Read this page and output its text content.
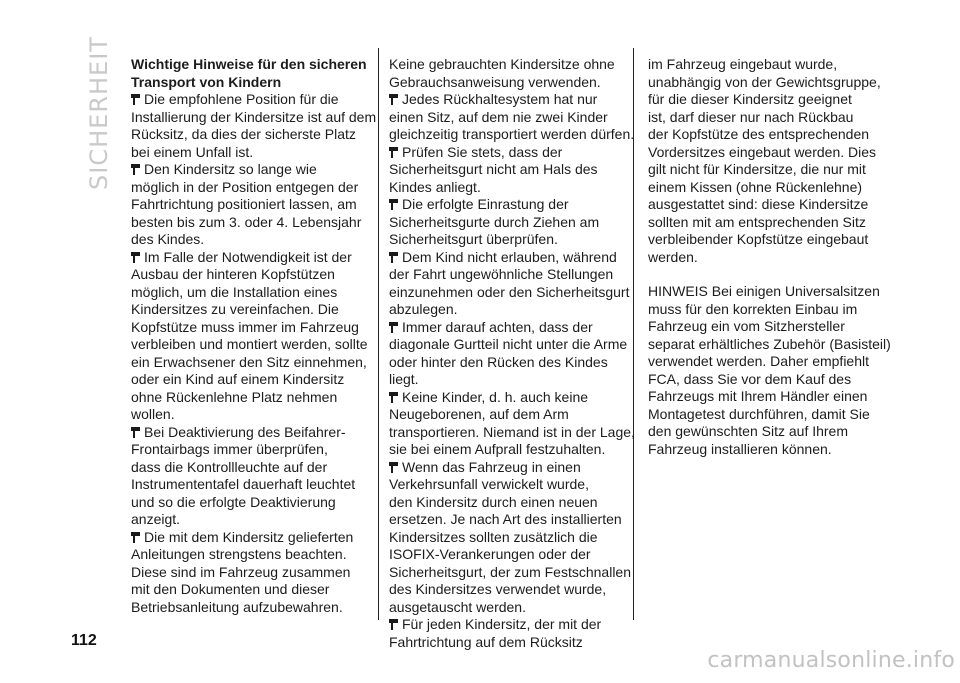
SICHERHEIT Wichtige Hinweise für den sicheren
Transport von Kindern
Die empfohlene Position für die
Installierung der Kindersitze ist auf dem
Rücksitz, da dies der sicherste Platz
bei einem Unfall ist.
Den Kindersitz so lange wie
möglich in der Position entgegen der
Fahrtrichtung positioniert lassen, am
besten bis zum 3. oder 4. Lebensjahr
des Kindes.
Im Falle der Notwendigkeit ist der
Ausbau der hinteren Kopfstützen
möglich, um die Installation eines
Kindersitzes zu vereinfachen. Die
Kopfstütze muss immer im Fahrzeug
verbleiben und montiert werden, sollte
ein Erwachsener den Sitz einnehmen,
oder ein Kind auf einem Kindersitz
ohne Rückenlehne Platz nehmen
wollen.
Bei Deaktivierung des Beifahrer-
Frontairbags immer überprüfen,
dass die Kontrollleuchte auf der
Instrumententafel dauerhaft leuchtet
und so die erfolgte Deaktivierung
anzeigt.
Die mit dem Kindersitz gelieferten
Anleitungen strengstens beachten.
Diese sind im Fahrzeug zusammen
mit den Dokumenten und dieser
Betriebsanleitung aufzubewahren.
Keine gebrauchten Kindersitze ohne
Gebrauchsanweisung verwenden.
Jedes Rückhaltesystem hat nur
einen Sitz, auf dem nie zwei Kinder
gleichzeitig transportiert werden dürfen.
Prüfen Sie stets, dass der
Sicherheitsgurt nicht am Hals des
Kindes anliegt.
Die erfolgte Einrastung der
Sicherheitsgurte durch Ziehen am
Sicherheitsgurt überprüfen.
Dem Kind nicht erlauben, während
der Fahrt ungewöhnliche Stellungen
einzunehmen oder den Sicherheitsgurt
abzulegen.
Immer darauf achten, dass der
diagonale Gurtteil nicht unter die Arme
oder hinter den Rücken des Kindes
liegt.
Keine Kinder, d. h. auch keine
Neugeborenen, auf dem Arm
transportieren. Niemand ist in der Lage,
sie bei einem Aufprall festzuhalten.
Wenn das Fahrzeug in einen
Verkehrsunfall verwickelt wurde,
den Kindersitz durch einen neuen
ersetzen. Je nach Art des installierten
Kindersitzes sollten zusätzlich die
ISOFIX-Verankerungen oder der
Sicherheitsgurt, der zum Festschnallen
des Kindersitzes verwendet wurde,
ausgetauscht werden.
Für jeden Kindersitz, der mit der
Fahrtrichtung auf dem Rücksitz
im Fahrzeug eingebaut wurde,
unabhängig von der Gewichtsgruppe,
für die dieser Kindersitz geeignet
ist, darf dieser nur nach Rückbau
der Kopfstütze des entsprechenden
Vordersitzes eingebaut werden. Dies
gilt nicht für Kindersitze, die nur mit
einem Kissen (ohne Rückenlehne)
ausgestattet sind: diese Kindersitze
sollten mit am entsprechenden Sitz
verbleibender Kopfstütze eingebaut
werden.
HINWEIS Bei einigen Universalsitzen
muss für den korrekten Einbau im
Fahrzeug ein vom Sitzhersteller
separat erhältliches Zubehör (Basisteil)
verwendet werden. Daher empfiehlt
FCA, dass Sie vor dem Kauf des
Fahrzeugs mit Ihrem Händler einen
Montagetest durchführen, damit Sie
den gewünschten Sitz auf Ihrem
Fahrzeug installieren können.
112
carmanualsonline.info
